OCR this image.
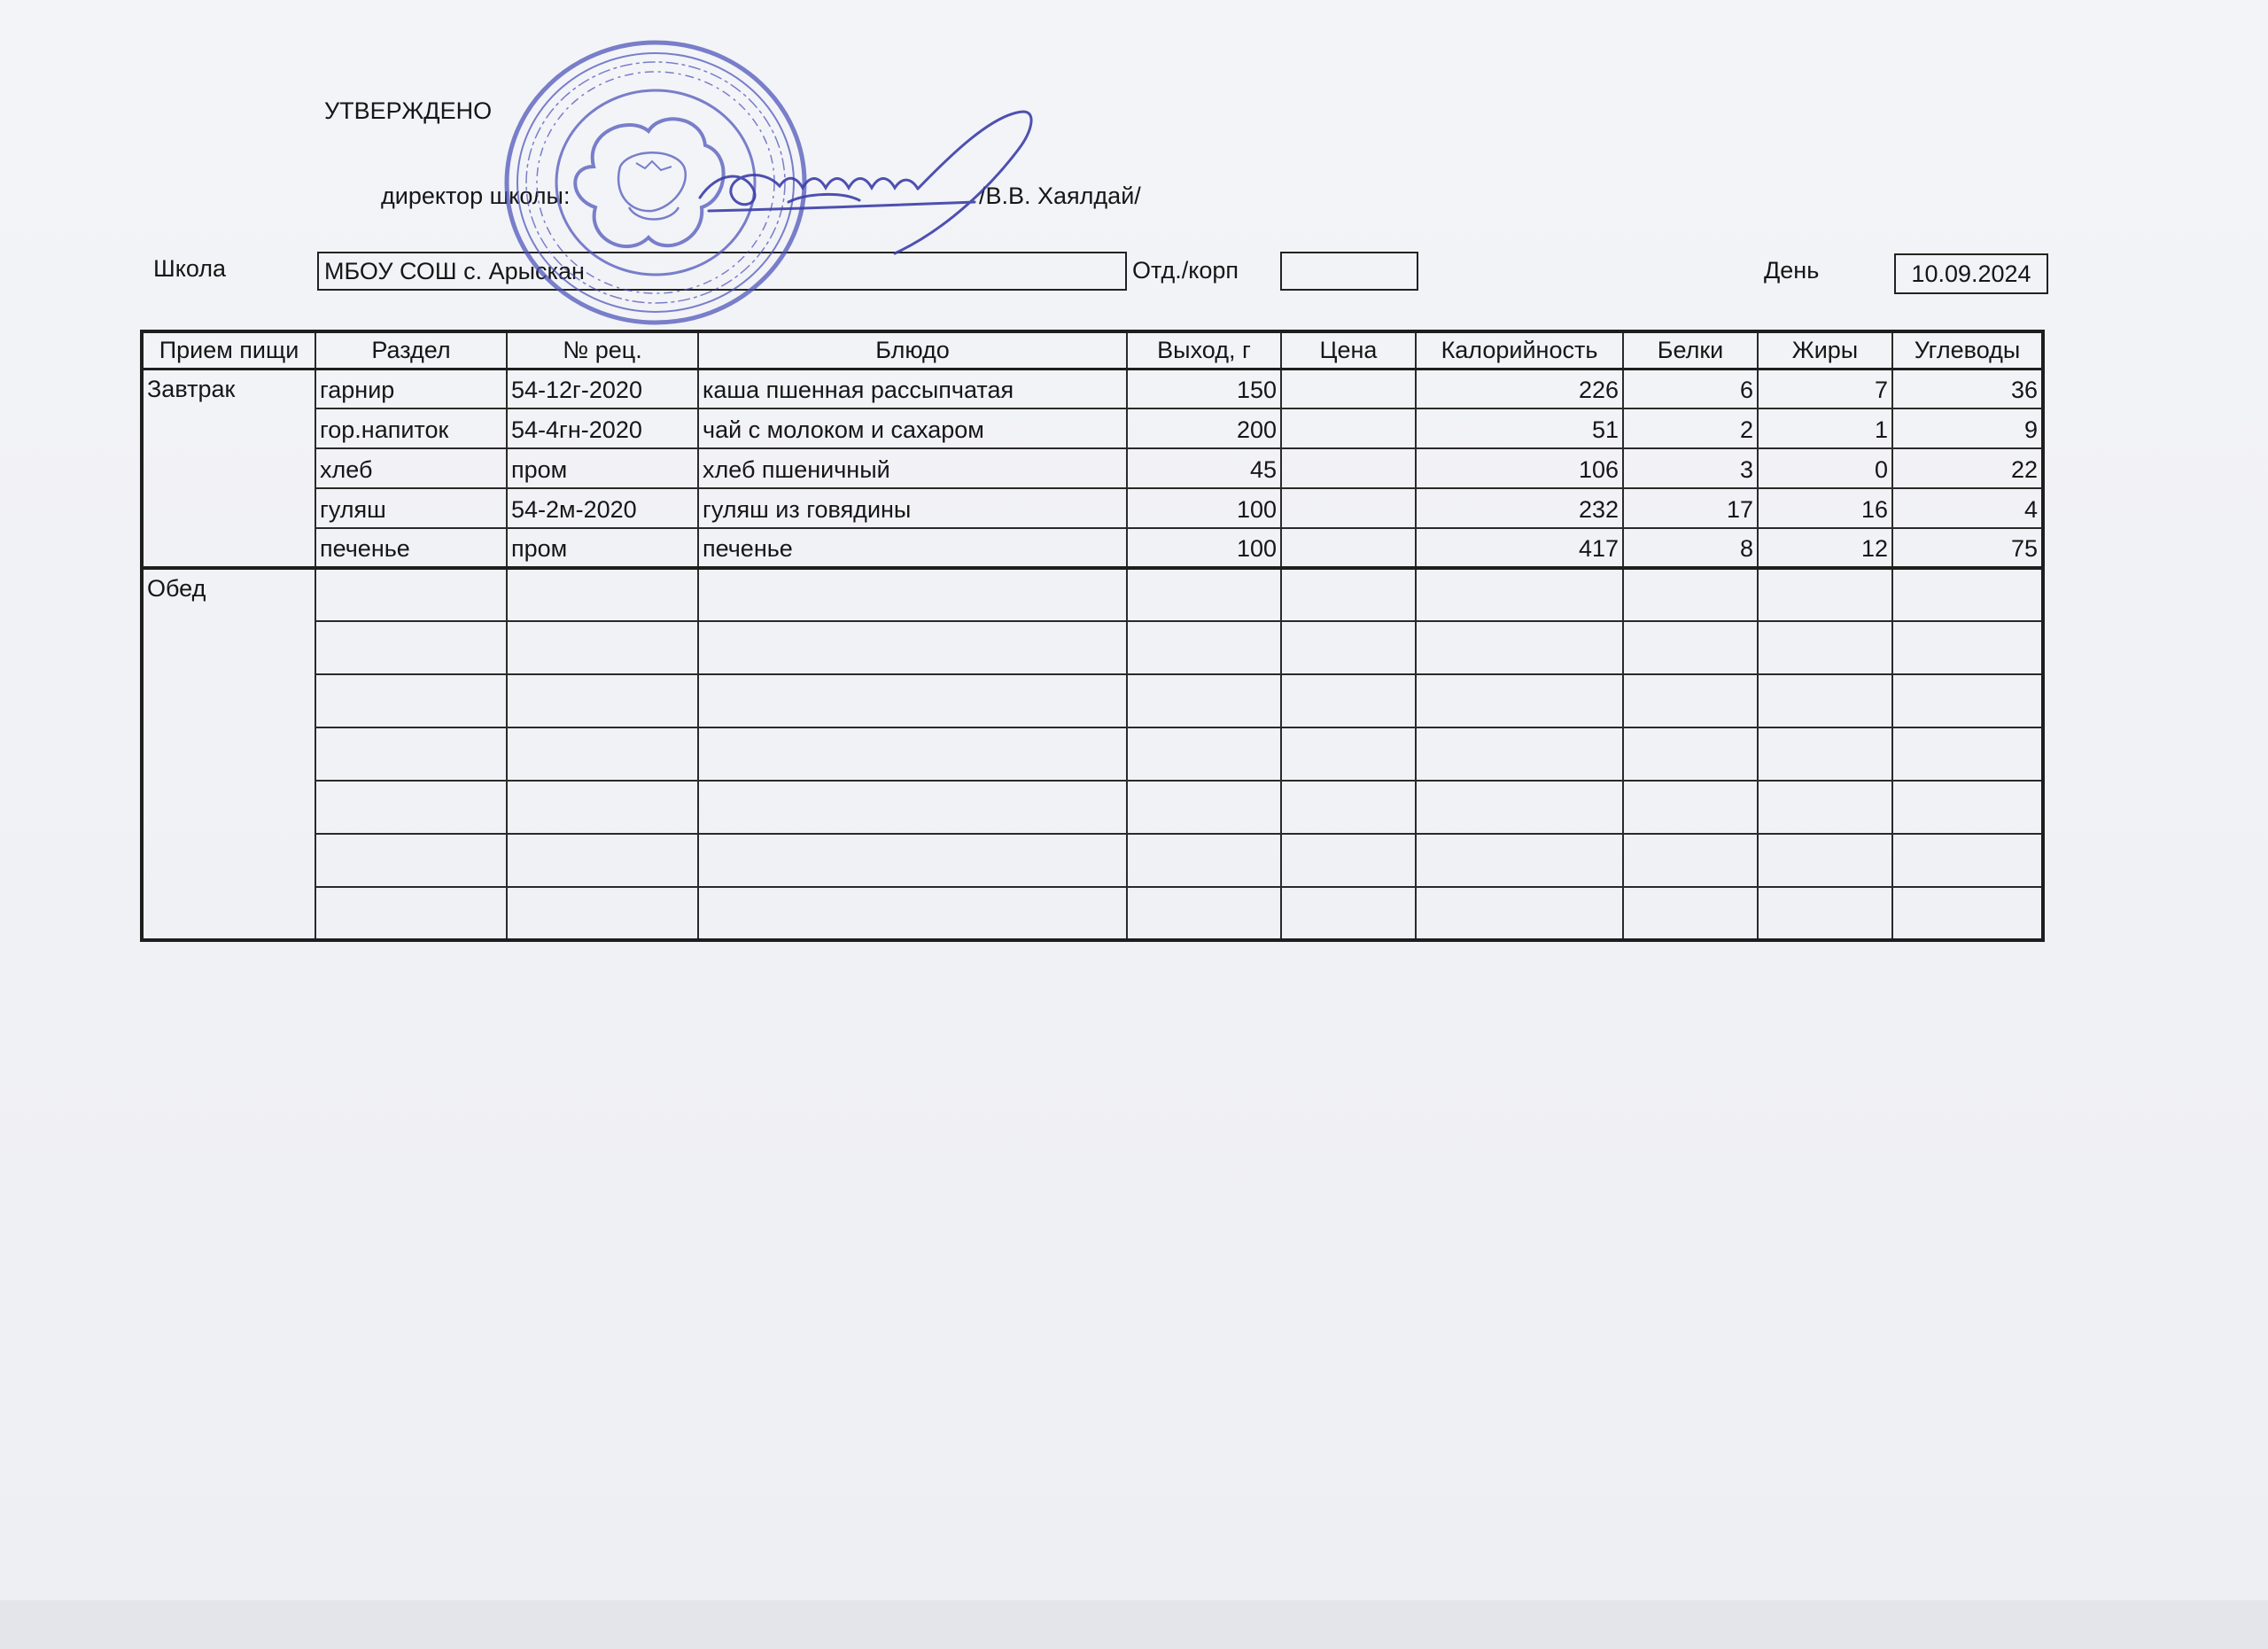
УТВЕРЖДЕНО
директор школы:	/В.В. Хаялдай/
Школа	МБОУ СОШ с. Арыскан	Отд./корп	День	10.09.2024
Прием пищи	Раздел	№ рец.	Блюдо	Выход, г	Цена	Калорийность	Белки	Жиры	Углеводы
Завтрак	гарнир	54-12г-2020	каша пшенная рассыпчатая	150		226	6	7	36
	гор.напиток	54-4гн-2020	чай с молоком и сахаром	200		51	2	1	9
	хлеб	пром	хлеб пшеничный	45		106	3	0	22
	гуляш	54-2м-2020	гуляш из говядины	100		232	17	16	4
	печенье	пром	печенье	100		417	8	12	75
Обед									
